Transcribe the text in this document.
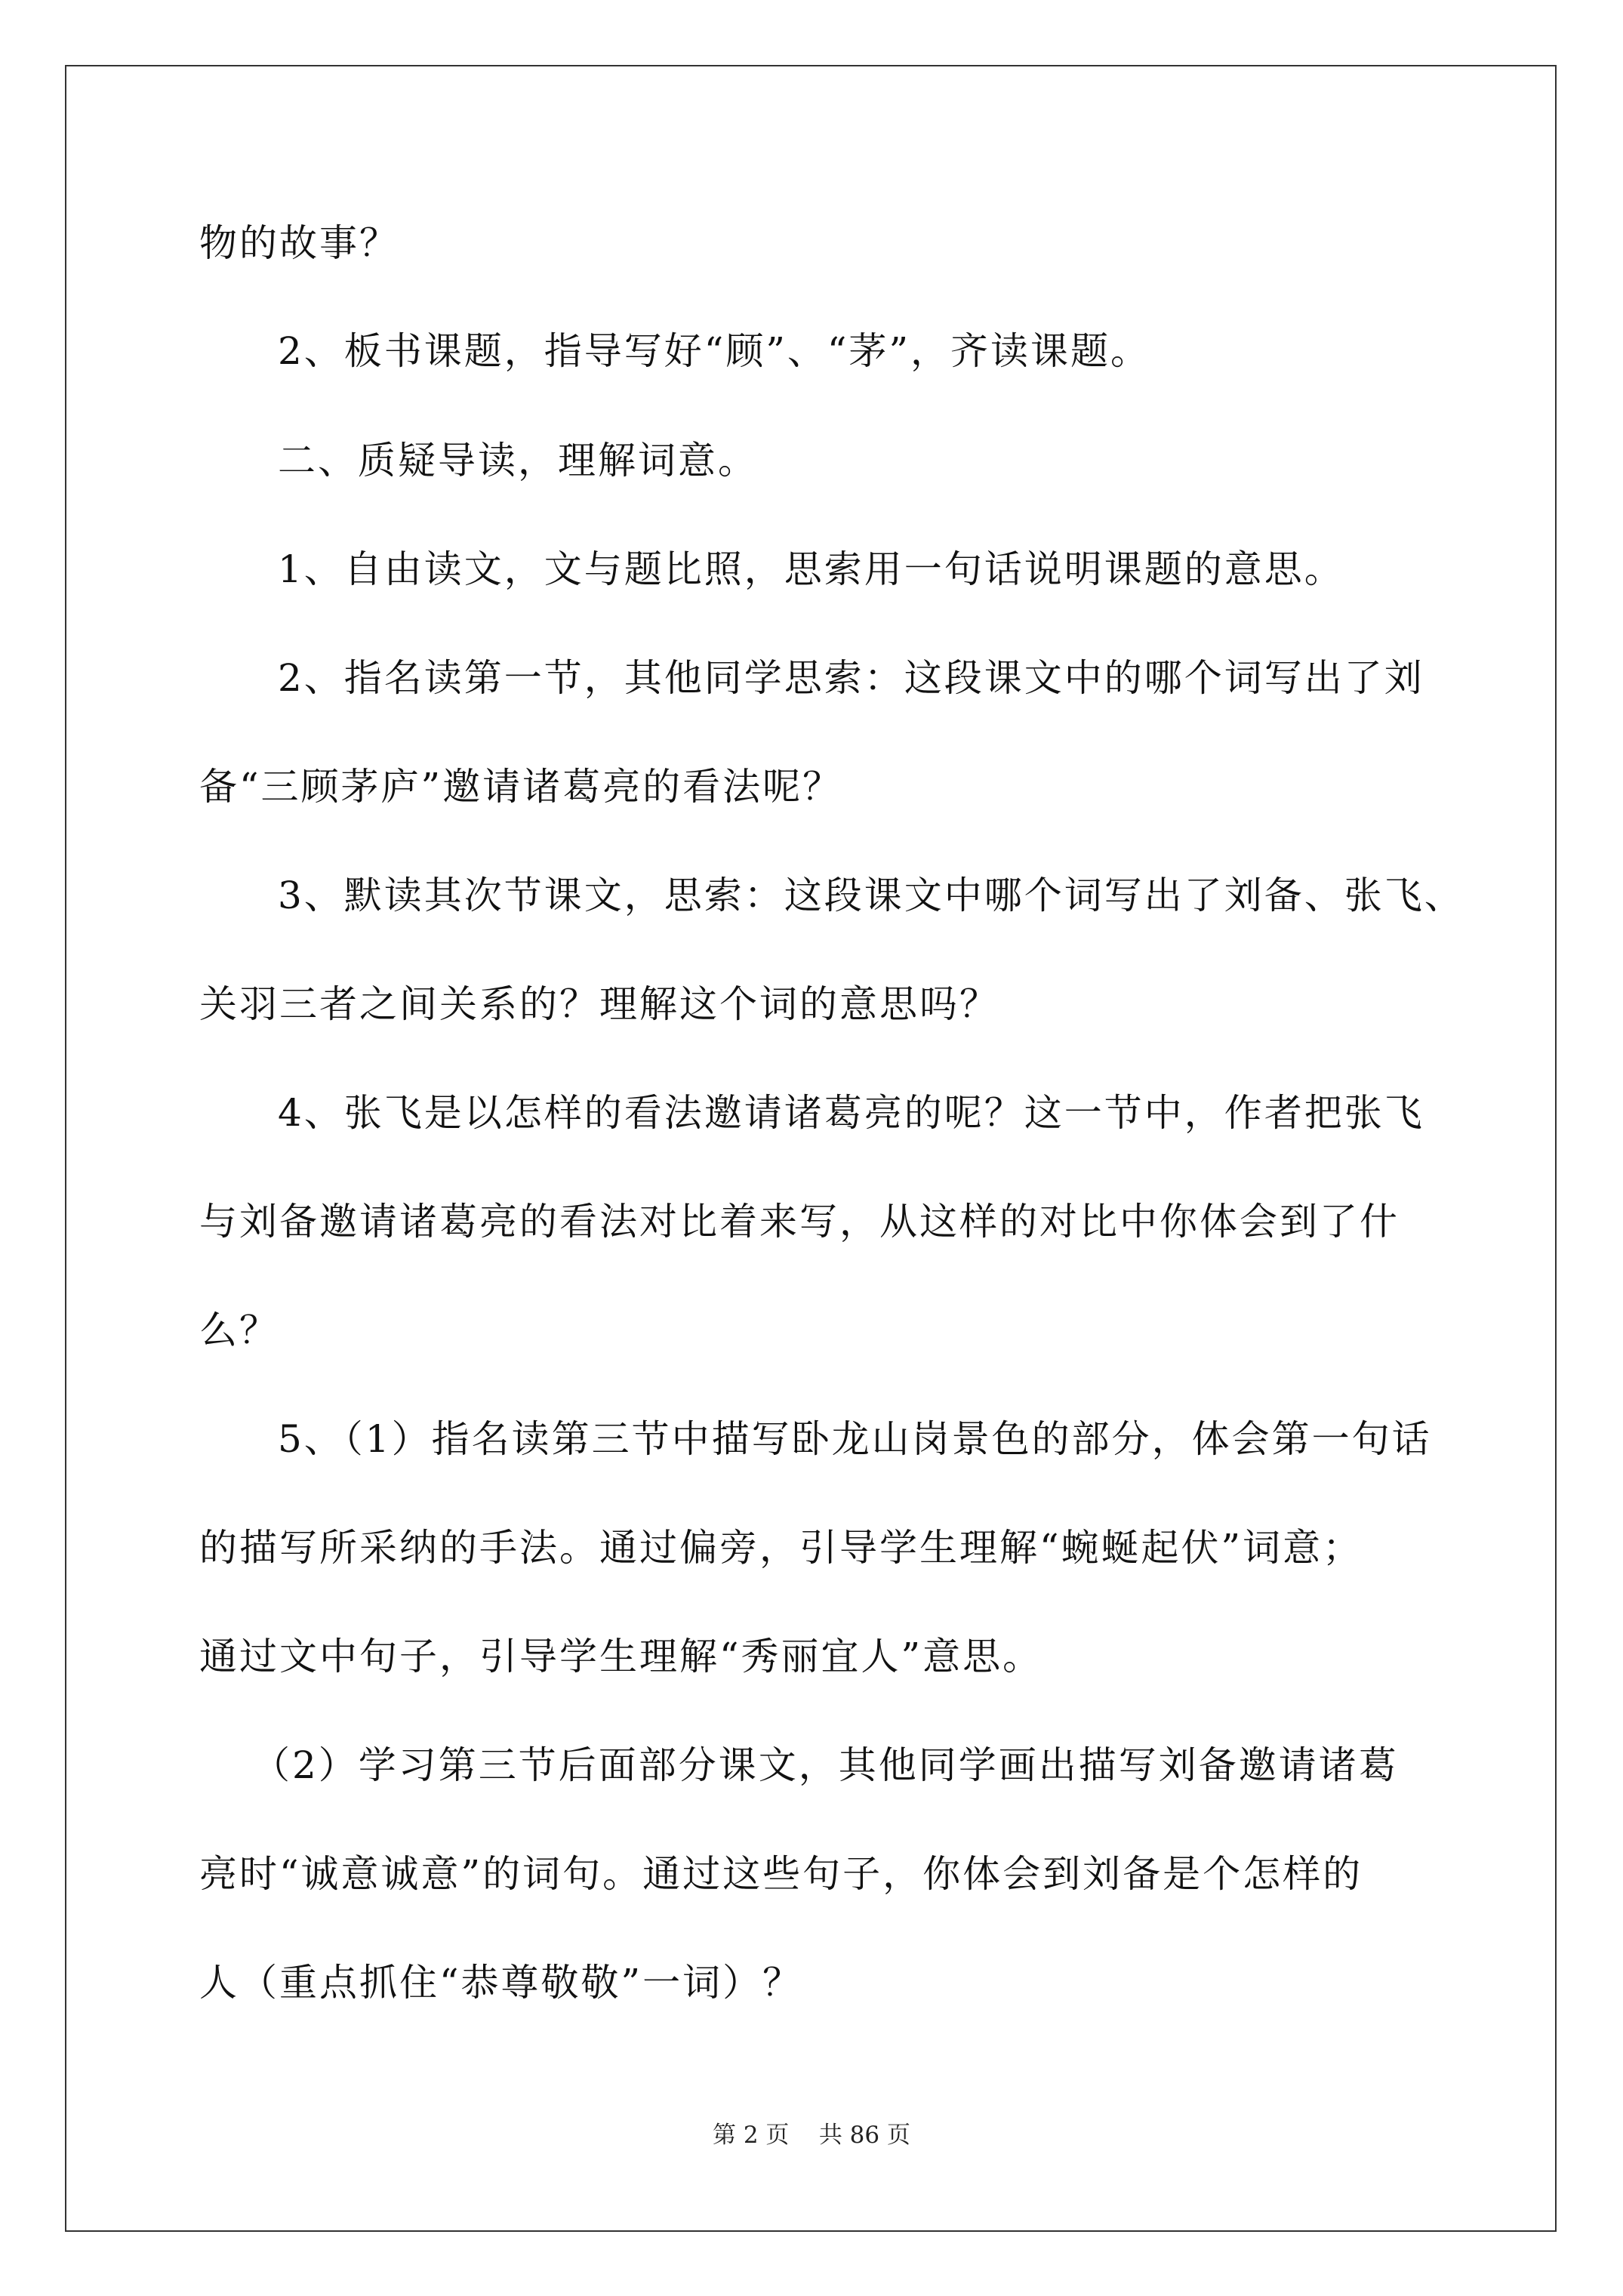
物的故事？
2、板书课题，指导写好“顾”、“茅”，齐读课题。
二、质疑导读，理解词意。
1、自由读文，文与题比照，思索用一句话说明课题的意思。
2、指名读第一节，其他同学思索：这段课文中的哪个词写出了刘
备“三顾茅庐”邀请诸葛亮的看法呢？
3、默读其次节课文，思索：这段课文中哪个词写出了刘备、张飞、
关羽三者之间关系的？理解这个词的意思吗？
4、张飞是以怎样的看法邀请诸葛亮的呢？这一节中，作者把张飞
与刘备邀请诸葛亮的看法对比着来写，从这样的对比中你体会到了什
么？
5、（1）指名读第三节中描写卧龙山岗景色的部分，体会第一句话
的描写所采纳的手法。通过偏旁，引导学生理解“蜿蜒起伏”词意；
通过文中句子，引导学生理解“秀丽宜人”意思。
（2）学习第三节后面部分课文，其他同学画出描写刘备邀请诸葛
亮时“诚意诚意”的词句。通过这些句子，你体会到刘备是个怎样的
人（重点抓住“恭尊敬敬”一词）？
第 2 页    共 86 页
